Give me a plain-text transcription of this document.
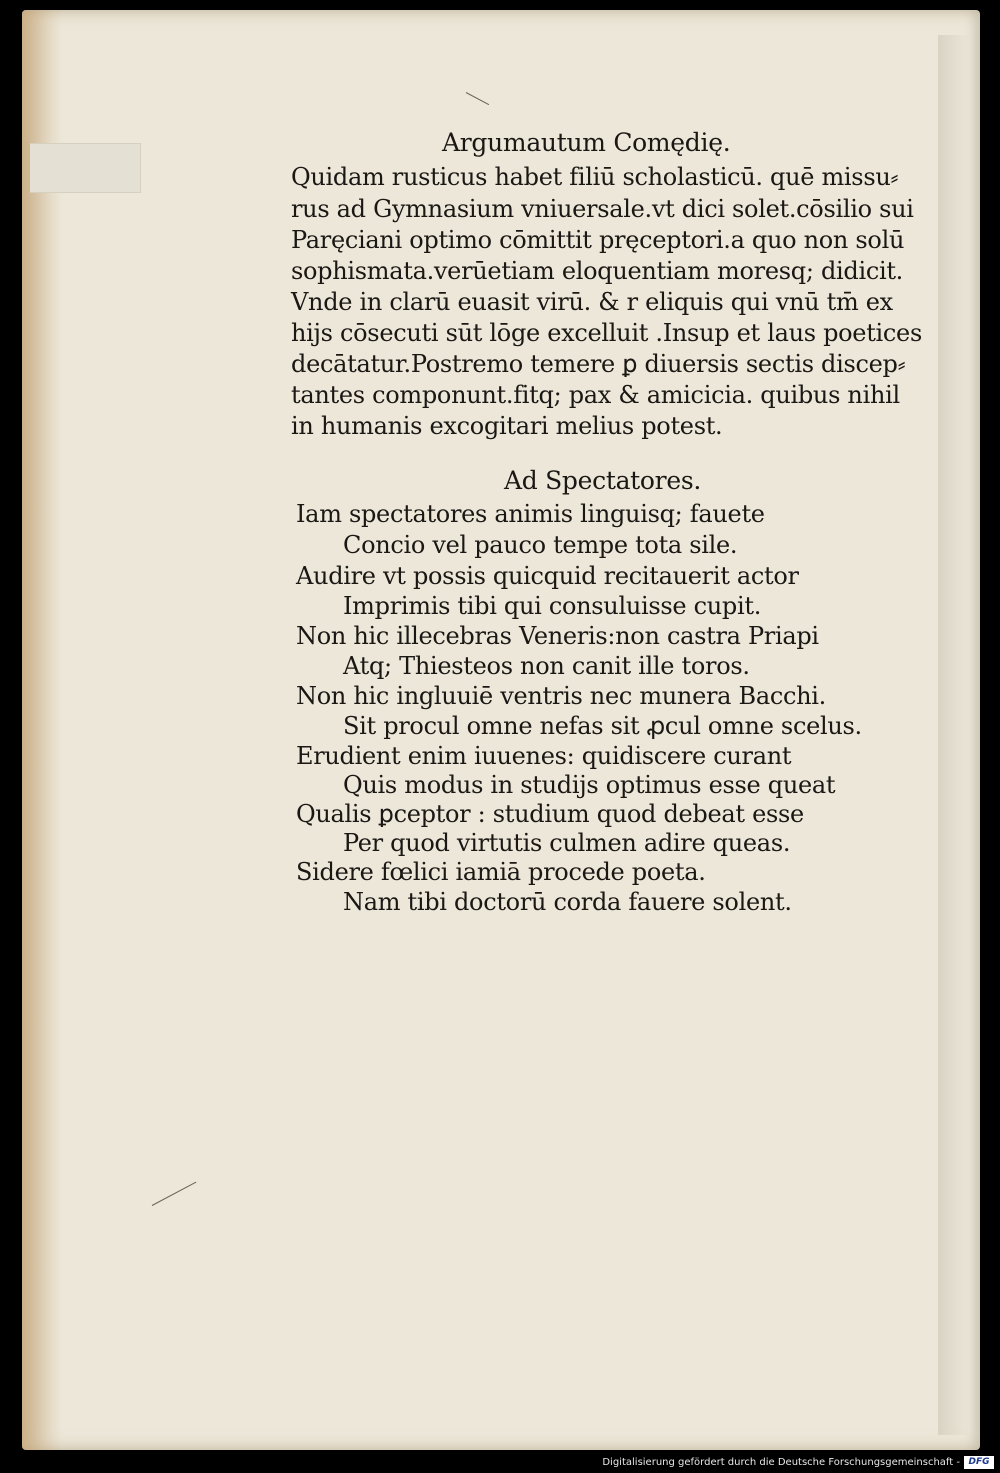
Argumautum Comędię.

Quidam rusticus habet filiū scholasticū. quē missu⸗

rus ad Gymnasium vniuersale.vt dici solet.cōsilio sui

Paręciani optimo cōmittit pręceptori.a quo non solū

sophismata.verūetiam eloquentiam moresq; didicit.

Vnde in clarū euasit virū. & r eliquis qui vnū tm̄ ex

hijs cōsecuti sūt lōge excelluit .Insup et laus poetices

decātatur.Postremo temere ꝑ diuersis sectis discep⸗

tantes componunt.fitq; pax & amicicia. quibus nihil

in humanis excogitari melius potest.

Ad Spectatores.

Iam spectatores animis linguisq; fauete

Concio vel pauco tempe tota sile.

Audire vt possis quicquid recitauerit actor

Imprimis tibi qui consuluisse cupit.

Non hic illecebras Veneris:non castra Priapi

Atq; Thiesteos non canit ille toros.

Non hic ingluuiē ventris nec munera Bacchi.

Sit procul omne nefas sit ꝓcul omne scelus.

Erudient enim iuuenes: quidiscere curant

Quis modus in studijs optimus esse queat

Qualis ꝑceptor : studium quod debeat esse

Per quod virtutis culmen adire queas.

Sidere fœlici iamiā procede poeta.

Nam tibi doctorū corda fauere solent.

Digitalisierung gefördert durch die Deutsche Forschungsgemeinschaft - DFG
